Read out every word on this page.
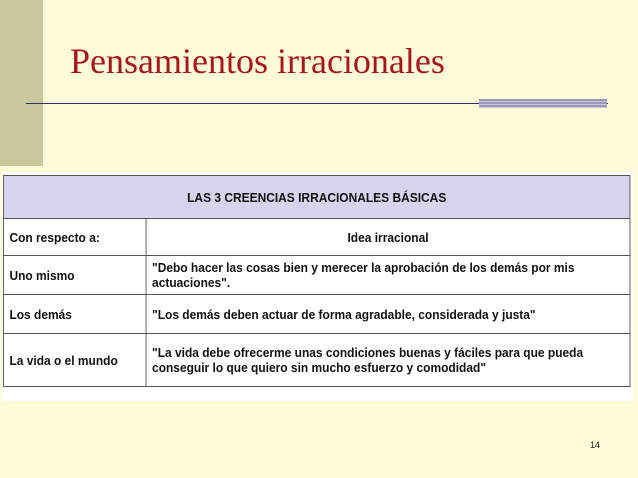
Pensamientos irracionales
LAS 3 CREENCIAS IRRACIONALES BÁSICAS	
Con respecto a:	Idea irracional
Uno mismo	"Debo hacer las cosas bien y merecer la aprobación de los demás por mis actuaciones".
Los demás	"Los demás deben actuar de forma agradable, considerada y justa"
La vida o el mundo	"La vida debe ofrecerme unas condiciones buenas y fáciles para que pueda conseguir lo que quiero sin mucho esfuerzo y comodidad"
14
